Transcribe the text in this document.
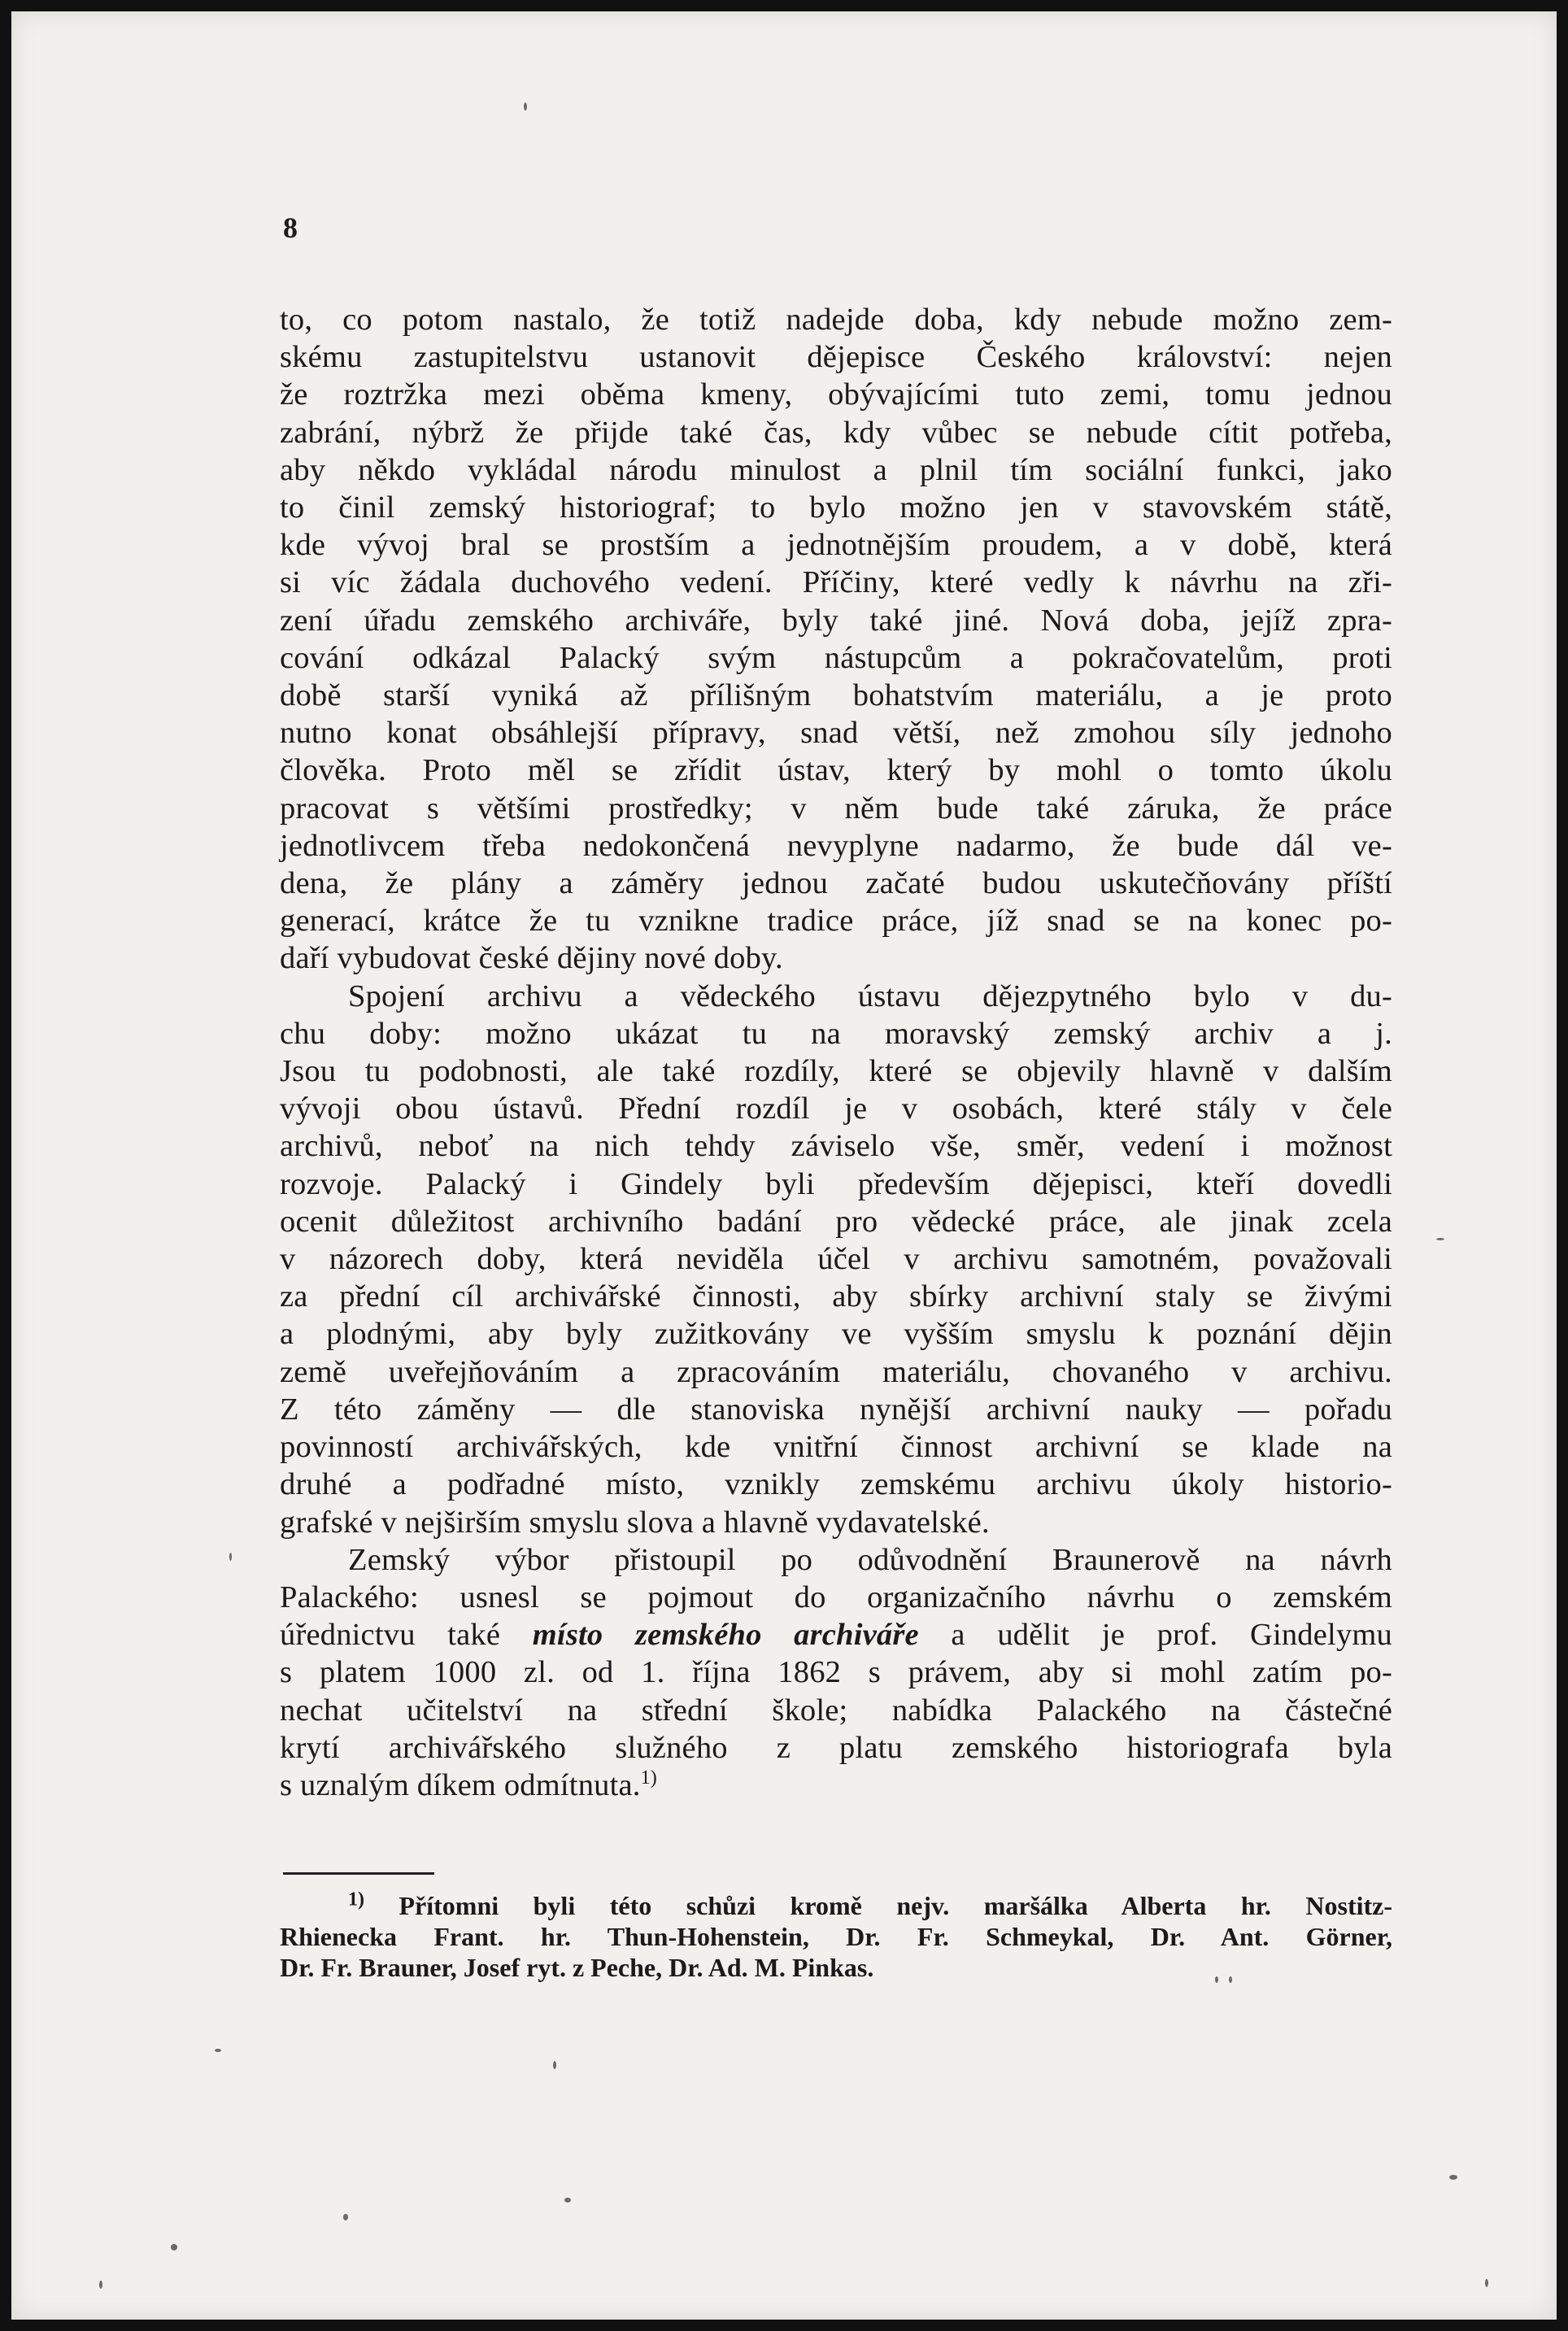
8

to, co potom nastalo, že totiž nadejde doba, kdy nebude možno zem-
skému zastupitelstvu ustanovit dějepisce Českého království: nejen
že roztržka mezi oběma kmeny, obývajícími tuto zemi, tomu jednou
zabrání, nýbrž že přijde také čas, kdy vůbec se nebude cítit potřeba,
aby někdo vykládal národu minulost a plnil tím sociální funkci, jako
to činil zemský historiograf; to bylo možno jen v stavovském státě,
kde vývoj bral se prostším a jednotnějším proudem, a v době, která
si víc žádala duchového vedení. Příčiny, které vedly k návrhu na zři-
zení úřadu zemského archiváře, byly také jiné. Nová doba, jejíž zpra-
cování odkázal Palacký svým nástupcům a pokračovatelům, proti
době starší vyniká až přílišným bohatstvím materiálu, a je proto
nutno konat obsáhlejší přípravy, snad větší, než zmohou síly jednoho
člověka. Proto měl se zřídit ústav, který by mohl o tomto úkolu
pracovat s většími prostředky; v něm bude také záruka, že práce
jednotlivcem třeba nedokončená nevyplyne nadarmo, že bude dál ve-
dena, že plány a záměry jednou začaté budou uskutečňovány příští
generací, krátce že tu vznikne tradice práce, jíž snad se na konec po-
daří vybudovat české dějiny nové doby.

Spojení archivu a vědeckého ústavu dějezpytného bylo v du-
chu doby: možno ukázat tu na moravský zemský archiv a j.
Jsou tu podobnosti, ale také rozdíly, které se objevily hlavně v dalším
vývoji obou ústavů. Přední rozdíl je v osobách, které stály v čele
archivů, neboť na nich tehdy záviselo vše, směr, vedení i možnost
rozvoje. Palacký i Gindely byli především dějepisci, kteří dovedli
ocenit důležitost archivního badání pro vědecké práce, ale jinak zcela
v názorech doby, která neviděla účel v archivu samotném, považovali
za přední cíl archivářské činnosti, aby sbírky archivní staly se živými
a plodnými, aby byly zužitkovány ve vyšším smyslu k poznání dějin
země uveřejňováním a zpracováním materiálu, chovaného v archivu.
Z této záměny — dle stanoviska nynější archivní nauky — pořadu
povinností archivářských, kde vnitřní činnost archivní se klade na
druhé a podřadné místo, vznikly zemskému archivu úkoly historio-
grafské v nejširším smyslu slova a hlavně vydavatelské.

Zemský výbor přistoupil po odůvodnění Braunerově na návrh
Palackého: usnesl se pojmout do organizačního návrhu o zemském
úřednictvu také místo zemského archiváře a udělit je prof. Gindelymu
s platem 1000 zl. od 1. října 1862 s právem, aby si mohl zatím po-
nechat učitelství na střední škole; nabídka Palackého na částečné
krytí archivářského služného z platu zemského historiografa byla
s uznalým díkem odmítnuta.$^{1)}$

$^{1)}$ Přítomni byli této schůzi kromě nejv. maršálka Alberta hr. Nostitz-
Rhienecka Frant. hr. Thun-Hohenstein, Dr. Fr. Schmeykal, Dr. Ant. Görner,
Dr. Fr. Brauner, Josef ryt. z Peche, Dr. Ad. M. Pinkas.
